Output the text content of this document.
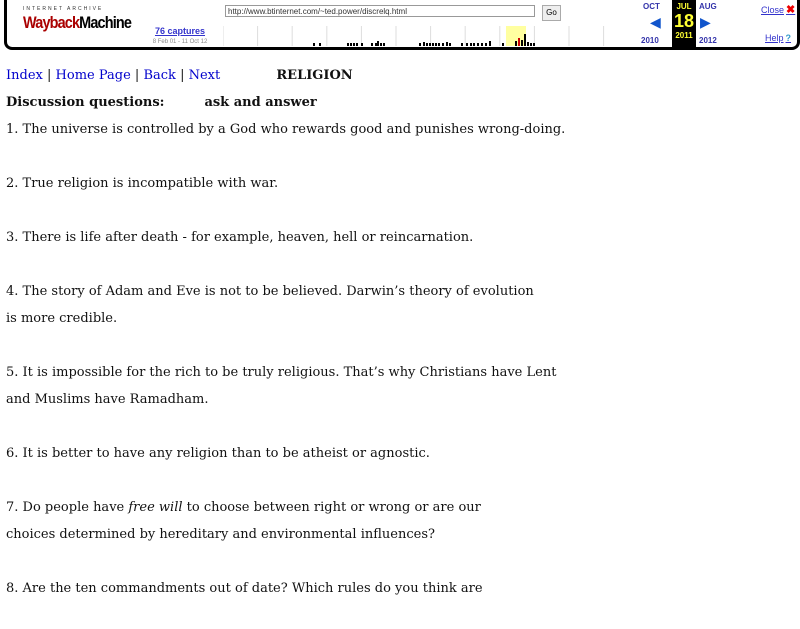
INTERNET ARCHIVE
WaybackMachine	76 captures
8 Feb 01 - 11 Oct 12
http://www.btinternet.com/~ted.power/discrelq.html	Go
OCT
◀
2010
JUL
18
2011
AUG
▶
2012
Close ✖
Help ?

Index | Home Page | Back | Next	RELIGION

Discussion questions:	ask and answer

1. The universe is controlled by a God who rewards good and punishes wrong-doing.

2. True religion is incompatible with war.

3. There is life after death - for example, heaven, hell or reincarnation.

4. The story of Adam and Eve is not to be believed. Darwin’s theory of evolution

is more credible.

5. It is impossible for the rich to be truly religious. That’s why Christians have Lent

and Muslims have Ramadham.

6. It is better to have any religion than to be atheist or agnostic.

7. Do people have free will to choose between right or wrong or are our

choices determined by hereditary and environmental influences?

8. Are the ten commandments out of date? Which rules do you think are
